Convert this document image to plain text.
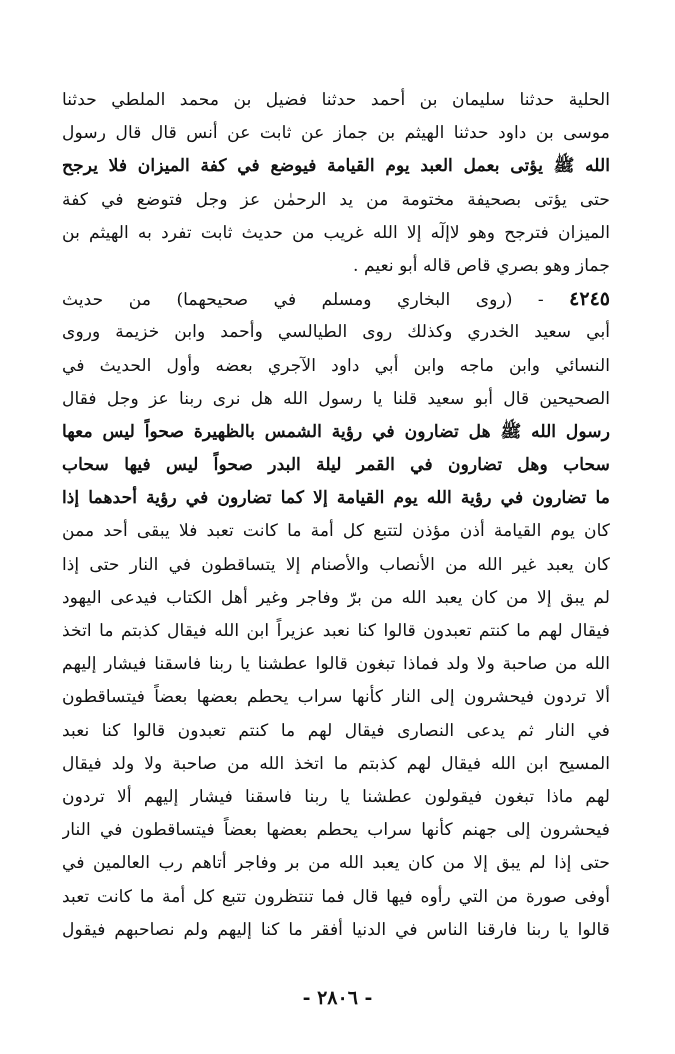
الحلية حدثنا سليمان بن أحمد حدثنا فضيل بن محمد الملطي حدثنا
موسى بن داود حدثنا الهيثم بن جماز عن ثابت عن أنس قال قال رسول
الله ﷺ يؤتى بعمل العبد يوم القيامة فيوضع في كفة الميزان فلا يرجح
حتى يؤتى بصحيفة مختومة من يد الرحمٰن عز وجل فتوضع في كفة
الميزان فترجح وهو لاإلٓه إلا الله غريب من حديث ثابت تفرد به الهيثم بن
جماز وهو بصري قاص قاله أبو نعيم .
٤٢٤٥ - (روى البخاري ومسلم في صحيحهما) من حديث
أبي سعيد الخدري وكذلك روى الطيالسي وأحمد وابن خزيمة وروى
النسائي وابن ماجه وابن أبي داود الآجري بعضه وأول الحديث في
الصحيحين قال أبو سعيد قلنا يا رسول الله هل نرى ربنا عز وجل فقال
رسول الله ﷺ هل تضارون في رؤية الشمس بالظهيرة صحواً ليس معها
سحاب وهل تضارون في القمر ليلة البدر صحواً ليس فيها سحاب
ما تضارون في رؤية الله يوم القيامة إلا كما تضارون في رؤية أحدهما إذا
كان يوم القيامة أذن مؤذن لتتبع كل أمة ما كانت تعبد فلا يبقى أحد ممن
كان يعبد غير الله من الأنصاب والأصنام إلا يتساقطون في النار حتى إذا
لم يبق إلا من كان يعبد الله من برّ وفاجر وغير أهل الكتاب فيدعى اليهود
فيقال لهم ما كنتم تعبدون قالوا كنا نعبد عزيراً ابن الله فيقال كذبتم ما اتخذ
الله من صاحبة ولا ولد فماذا تبغون قالوا عطشنا يا ربنا فاسقنا فيشار إليهم
ألا تردون فيحشرون إلى النار كأنها سراب يحطم بعضها بعضاً فيتساقطون
في النار ثم يدعى النصارى فيقال لهم ما كنتم تعبدون قالوا كنا نعبد
المسيح ابن الله فيقال لهم كذبتم ما اتخذ الله من صاحبة ولا ولد فيقال
لهم ماذا تبغون فيقولون عطشنا يا ربنا فاسقنا فيشار إليهم ألا تردون
فيحشرون إلى جهنم كأنها سراب يحطم بعضها بعضاً فيتساقطون في النار
حتى إذا لم يبق إلا من كان يعبد الله من بر وفاجر أتاهم رب العالمين في
أوفى صورة من التي رأوه فيها قال فما تنتظرون تتبع كل أمة ما كانت تعبد
قالوا يا ربنا فارقنا الناس في الدنيا أفقر ما كنا إليهم ولم نصاحبهم فيقول
- ٢٨٠٦ -
